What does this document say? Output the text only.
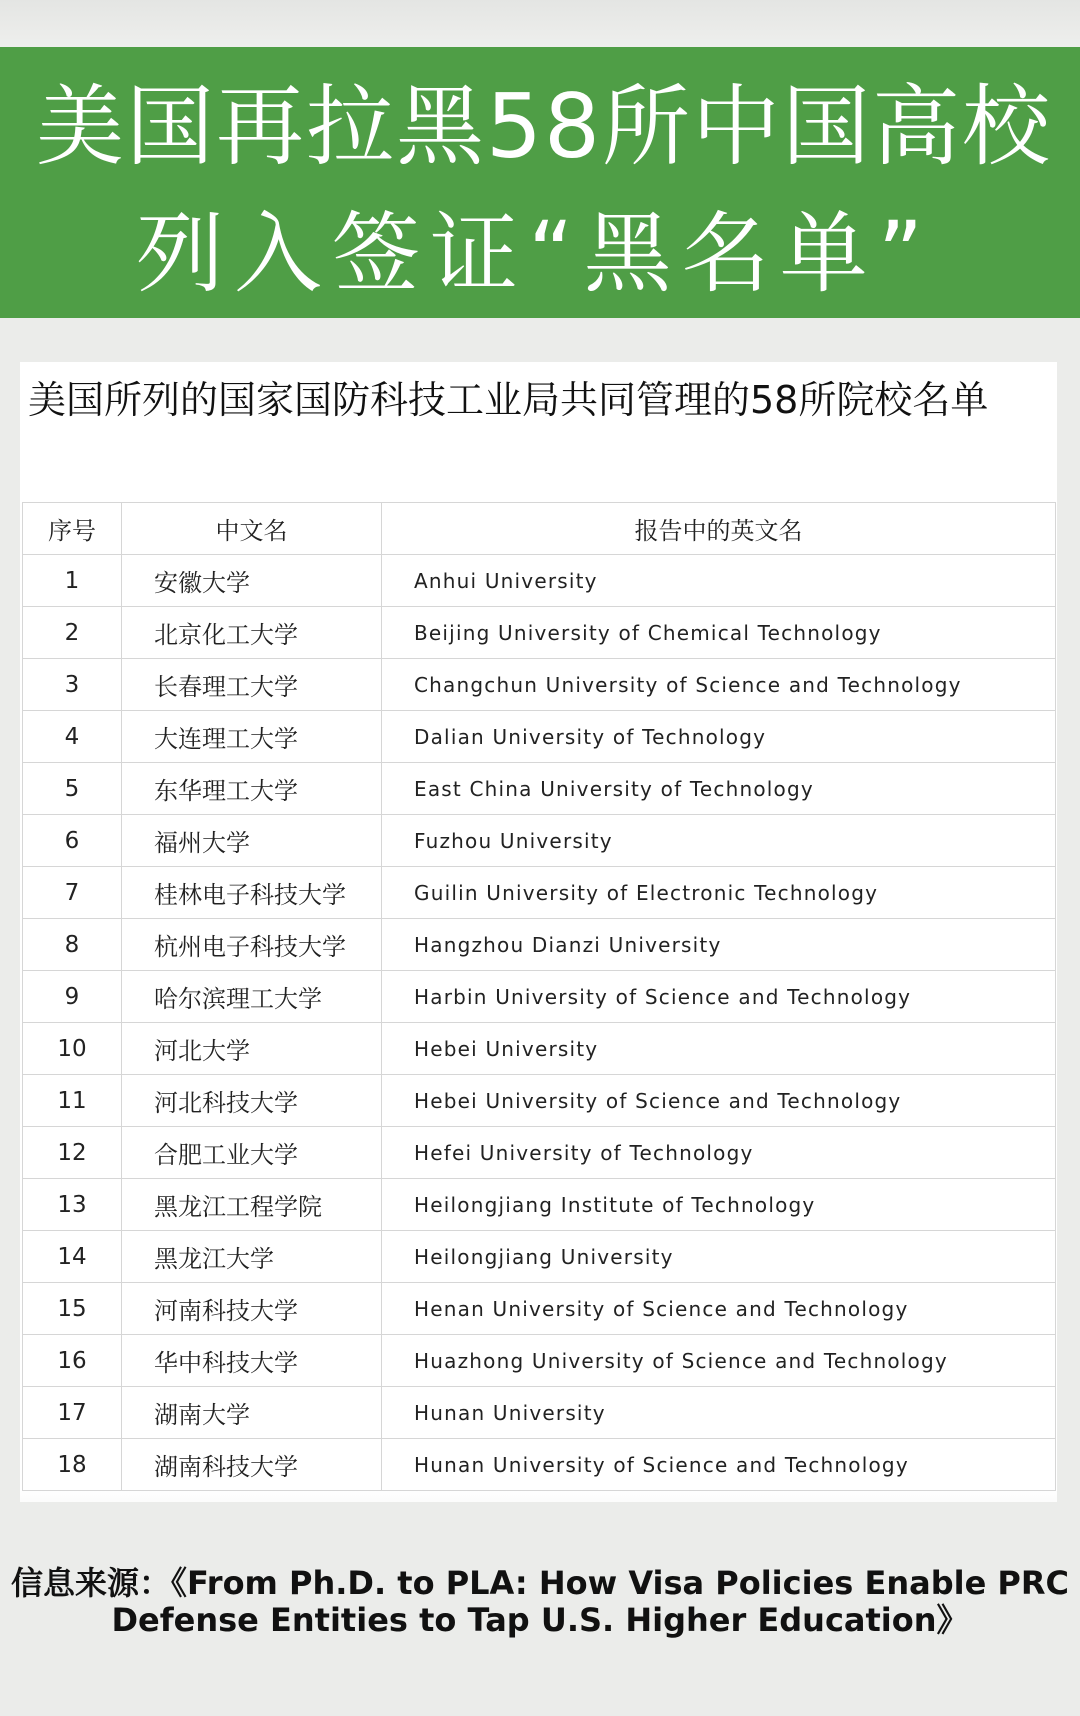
美国再拉黑58所中国高校
列入签证“黑名单”
美国所列的国家国防科技工业局共同管理的58所院校名单
序号	中文名	报告中的英文名
1	安徽大学	Anhui University
2	北京化工大学	Beijing University of Chemical Technology
3	长春理工大学	Changchun University of Science and Technology
4	大连理工大学	Dalian University of Technology
5	东华理工大学	East China University of Technology
6	福州大学	Fuzhou University
7	桂林电子科技大学	Guilin University of Electronic Technology
8	杭州电子科技大学	Hangzhou Dianzi University
9	哈尔滨理工大学	Harbin University of Science and Technology
10	河北大学	Hebei University
11	河北科技大学	Hebei University of Science and Technology
12	合肥工业大学	Hefei University of Technology
13	黑龙江工程学院	Heilongjiang Institute of Technology
14	黑龙江大学	Heilongjiang University
15	河南科技大学	Henan University of Science and Technology
16	华中科技大学	Huazhong University of Science and Technology
17	湖南大学	Hunan University
18	湖南科技大学	Hunan University of Science and Technology
信息来源：《From Ph.D. to PLA: How Visa Policies Enable PRC
Defense Entities to Tap U.S. Higher Education》
